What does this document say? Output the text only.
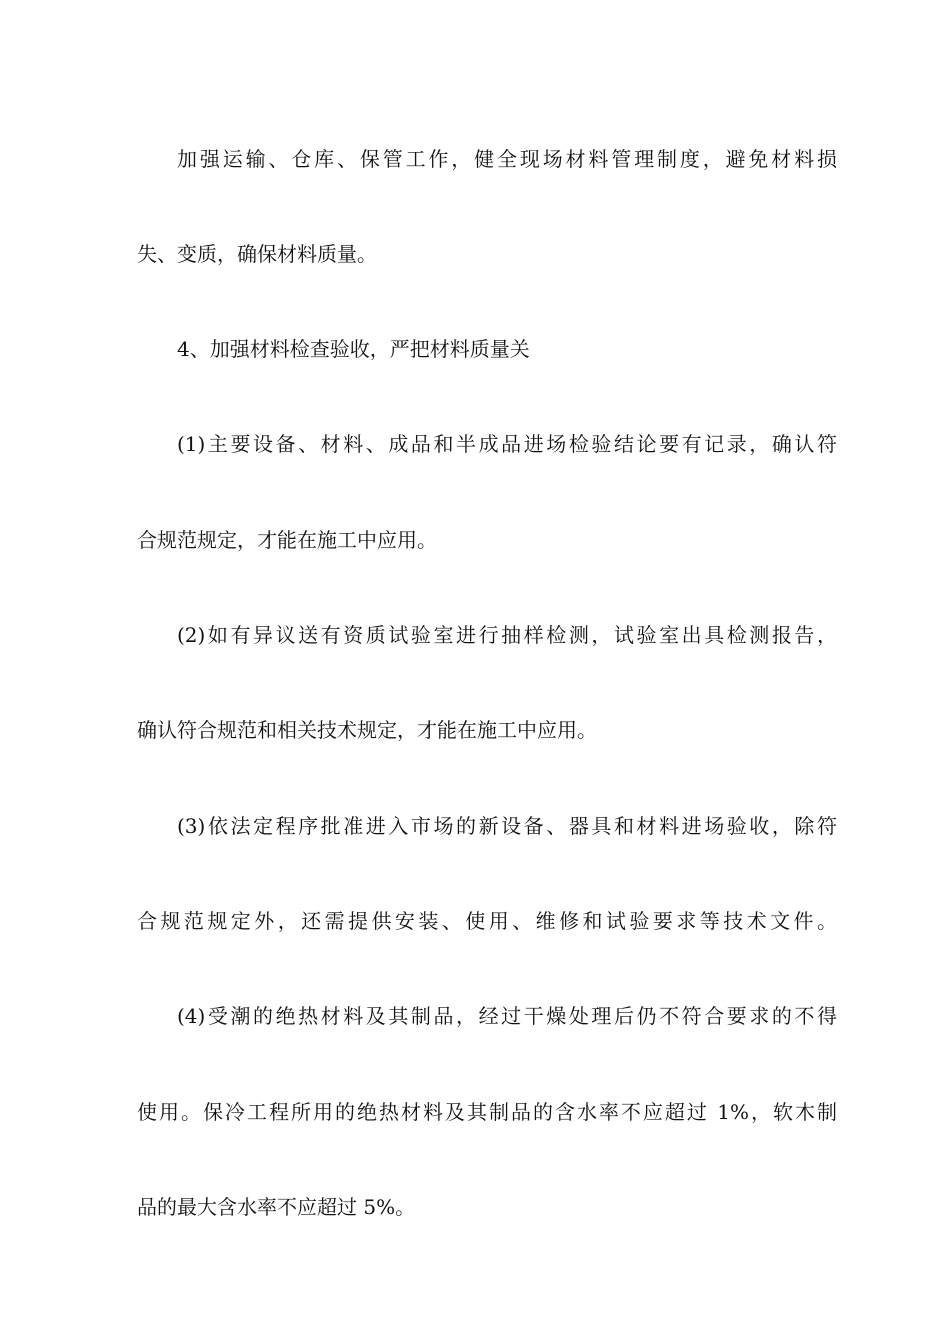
加强运输、仓库、保管工作，健全现场材料管理制度，避免材料损
失、变质，确保材料质量。
4、加强材料检查验收，严把材料质量关
(1)主要设备、材料、成品和半成品进场检验结论要有记录，确认符
合规范规定，才能在施工中应用。
(2)如有异议送有资质试验室进行抽样检测，试验室出具检测报告，
确认符合规范和相关技术规定，才能在施工中应用。
(3)依法定程序批准进入市场的新设备、器具和材料进场验收，除符
合规范规定外，还需提供安装、使用、维修和试验要求等技术文件。
(4)受潮的绝热材料及其制品，经过干燥处理后仍不符合要求的不得
使用。保冷工程所用的绝热材料及其制品的含水率不应超过 1%，软木制
品的最大含水率不应超过 5%。
